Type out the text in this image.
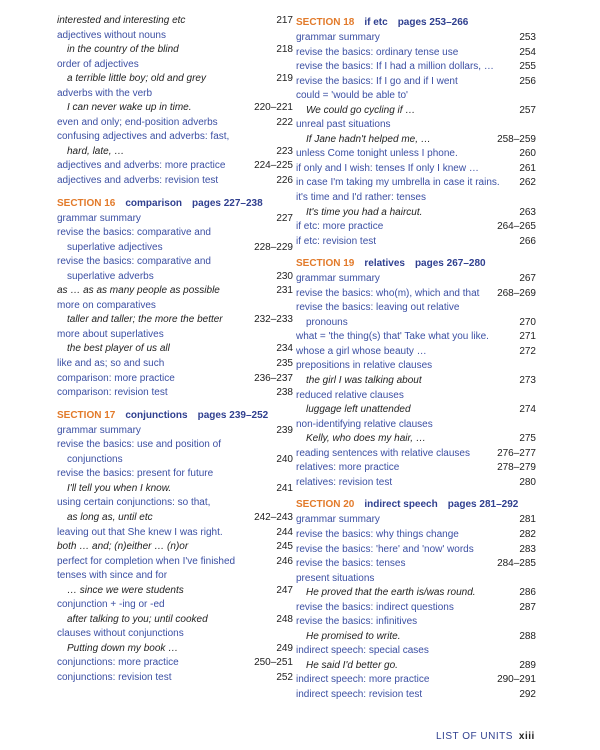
interested and interesting etc	217
adjectives without nouns
in the country of the blind	218
order of adjectives
a terrible little boy; old and grey	219
adverbs with the verb
I can never wake up in time.	220–221
even and only; end-position adverbs	222
confusing adjectives and adverbs: fast,
hard, late, …	223
adjectives and adverbs: more practice	224–225
adjectives and adverbs: revision test	226
SECTION 16 comparison pages 227–238
grammar summary	227
revise the basics: comparative and
superlative adjectives	228–229
revise the basics: comparative and
superlative adverbs	230
as … as as many people as possible	231
more on comparatives
taller and taller; the more the better	232–233
more about superlatives
the best player of us all	234
like and as; so and such	235
comparison: more practice	236–237
comparison: revision test	238
SECTION 17 conjunctions pages 239–252
grammar summary	239
revise the basics: use and position of
conjunctions	240
revise the basics: present for future
I'll tell you when I know.	241
using certain conjunctions: so that,
as long as, until etc	242–243
leaving out that She knew I was right.	244
both … and; (n)either … (n)or	245
perfect for completion when I've finished	246
tenses with since and for
… since we were students	247
conjunction + -ing or -ed
after talking to you; until cooked	248
clauses without conjunctions
Putting down my book …	249
conjunctions: more practice	250–251
conjunctions: revision test	252
SECTION 18 if etc pages 253–266
grammar summary	253
revise the basics: ordinary tense use	254
revise the basics: If I had a million dollars, …	255
revise the basics: If I go and if I went	256
could = 'would be able to'
We could go cycling if …	257
unreal past situations
If Jane hadn't helped me, …	258–259
unless Come tonight unless I phone.	260
if only and I wish: tenses If only I knew …	261
in case I'm taking my umbrella in case it rains. 262
it's time and I'd rather: tenses
It's time you had a haircut.	263
if etc: more practice	264–265
if etc: revision test	266
SECTION 19 relatives pages 267–280
grammar summary	267
revise the basics: who(m), which and that 268–269
revise the basics: leaving out relative
pronouns	270
what = 'the thing(s) that' Take what you like.	271
whose a girl whose beauty …	272
prepositions in relative clauses
the girl I was talking about	273
reduced relative clauses
luggage left unattended	274
non-identifying relative clauses
Kelly, who does my hair, …	275
reading sentences with relative clauses	276–277
relatives: more practice	278–279
relatives: revision test	280
SECTION 20 indirect speech pages 281–292
grammar summary	281
revise the basics: why things change	282
revise the basics: 'here' and 'now' words	283
revise the basics: tenses	284–285
present situations
He proved that the earth is/was round.	286
revise the basics: indirect questions	287
revise the basics: infinitives
He promised to write.	288
indirect speech: special cases
He said I'd better go.	289
indirect speech: more practice	290–291
indirect speech: revision test	292
LIST OF UNITS xiii
